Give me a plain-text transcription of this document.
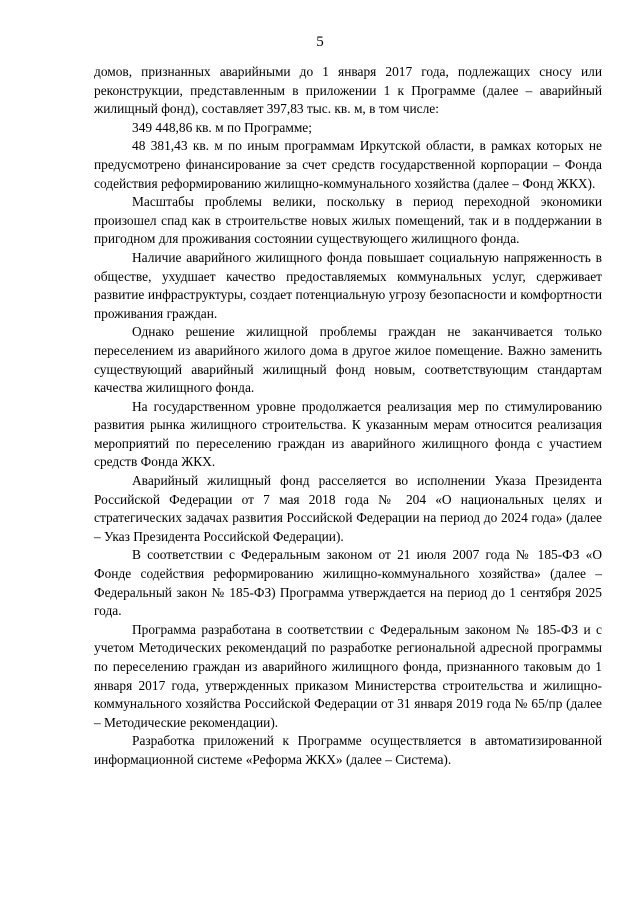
5

домов, признанных аварийными до 1 января 2017 года, подлежащих сносу или реконструкции, представленным в приложении 1 к Программе (далее – аварийный жилищный фонд), составляет 397,83 тыс. кв. м, в том числе:

349 448,86 кв. м по Программе;

48 381,43 кв. м по иным программам Иркутской области, в рамках которых не предусмотрено финансирование за счет средств государственной корпорации – Фонда содействия реформированию жилищно-коммунального хозяйства (далее – Фонд ЖКХ).

Масштабы проблемы велики, поскольку в период переходной экономики произошел спад как в строительстве новых жилых помещений, так и в поддержании в пригодном для проживания состоянии существующего жилищного фонда.

Наличие аварийного жилищного фонда повышает социальную напряженность в обществе, ухудшает качество предоставляемых коммунальных услуг, сдерживает развитие инфраструктуры, создает потенциальную угрозу безопасности и комфортности проживания граждан.

Однако решение жилищной проблемы граждан не заканчивается только переселением из аварийного жилого дома в другое жилое помещение. Важно заменить существующий аварийный жилищный фонд новым, соответствующим стандартам качества жилищного фонда.

На государственном уровне продолжается реализация мер по стимулированию развития рынка жилищного строительства. К указанным мерам относится реализация мероприятий по переселению граждан из аварийного жилищного фонда с участием средств Фонда ЖКХ.

Аварийный жилищный фонд расселяется во исполнении Указа Президента Российской Федерации от 7 мая 2018 года № 204 «О национальных целях и стратегических задачах развития Российской Федерации на период до 2024 года» (далее – Указ Президента Российской Федерации).

В соответствии с Федеральным законом от 21 июля 2007 года № 185-ФЗ «О Фонде содействия реформированию жилищно-коммунального хозяйства» (далее – Федеральный закон № 185-ФЗ) Программа утверждается на период до 1 сентября 2025 года.

Программа разработана в соответствии с Федеральным законом № 185-ФЗ и с учетом Методических рекомендаций по разработке региональной адресной программы по переселению граждан из аварийного жилищного фонда, признанного таковым до 1 января 2017 года, утвержденных приказом Министерства строительства и жилищно-коммунального хозяйства Российской Федерации от 31 января 2019 года № 65/пр (далее – Методические рекомендации).

Разработка приложений к Программе осуществляется в автоматизированной информационной системе «Реформа ЖКХ» (далее – Система).
